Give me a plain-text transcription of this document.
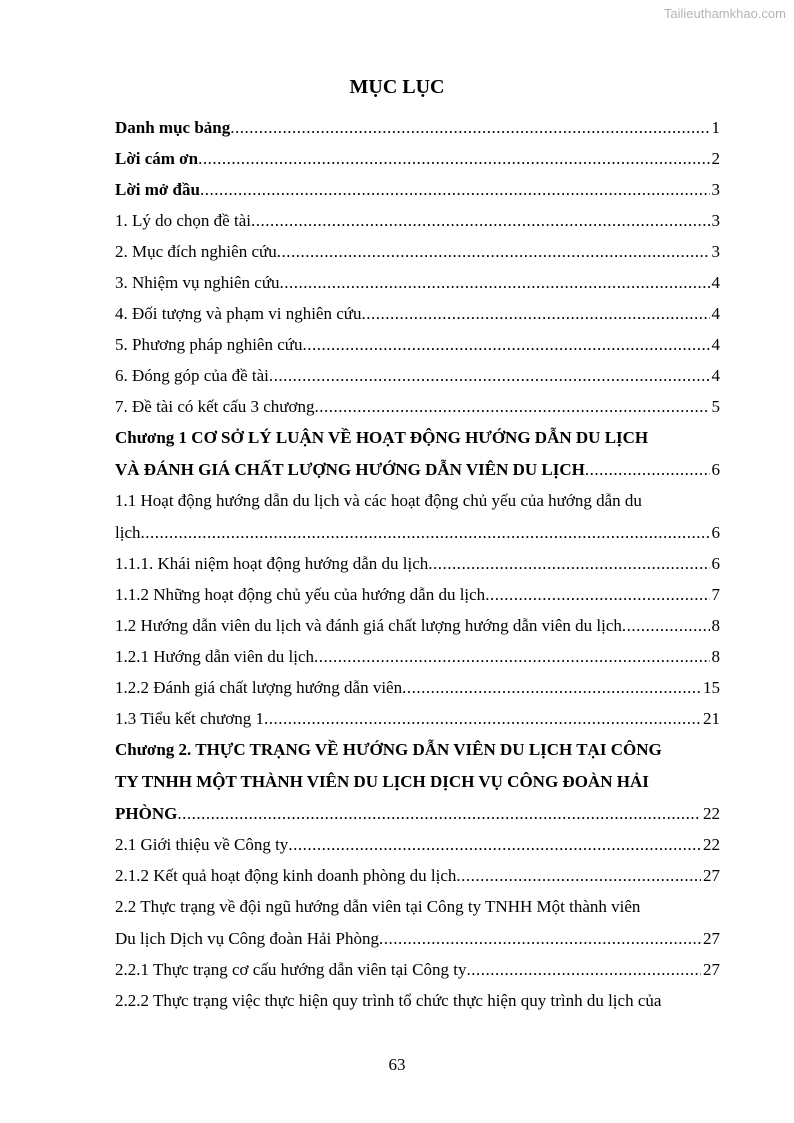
Tailieuthamkhao.com
MỤC LỤC
Danh mục bảng .....	1
Lời cám ơn .....	2
Lời mở đầu .....	3
1. Lý do chọn đề tài .....	3
2. Mục đích nghiên cứu .....	3
3. Nhiệm vụ nghiên cứu .....	4
4. Đối tượng và phạm vi nghiên cứu .....	4
5. Phương pháp nghiên cứu .....	4
6. Đóng góp của đề tài .....	4
7. Đề tài có kết cấu 3 chương .....	5
Chương 1 CƠ SỞ LÝ LUẬN VỀ HOẠT ĐỘNG HƯỚNG DẪN DU LỊCH
VÀ ĐÁNH GIÁ CHẤT LƯỢNG HƯỚNG DẪN VIÊN DU LỊCH .....	6
1.1 Hoạt động hướng dẫn du lịch và các hoạt động chủ yếu của hướng dẫn du
lịch .....	6
1.1.1. Khái niệm hoạt động hướng dẫn du lịch .....	6
1.1.2 Những hoạt động chủ yếu của hướng dẫn du lịch .....	7
1.2 Hướng dẫn viên du lịch và đánh giá chất lượng hướng dẫn viên du lịch .....	8
1.2.1 Hướng dẫn viên du lịch .....	8
1.2.2 Đánh giá chất lượng hướng dẫn viên .....	15
1.3 Tiểu kết chương 1 .....	21
Chương 2. THỰC TRẠNG VỀ HƯỚNG DẪN VIÊN DU LỊCH TẠI CÔNG
TY TNHH MỘT THÀNH VIÊN DU LỊCH DỊCH VỤ CÔNG ĐOÀN HẢI
PHÒNG .....	22
2.1 Giới thiệu về Công ty .....	22
2.1.2 Kết quả hoạt động kinh doanh phòng du lịch .....	27
2.2 Thực trạng về đội ngũ hướng dẫn viên tại Công ty TNHH Một thành viên
Du lịch Dịch vụ Công đoàn Hải Phòng .....	27
2.2.1 Thực trạng cơ cấu hướng dẫn viên tại Công ty .....	27
2.2.2 Thực trạng việc thực hiện quy trình tổ chức thực hiện quy trình du lịch của
63
